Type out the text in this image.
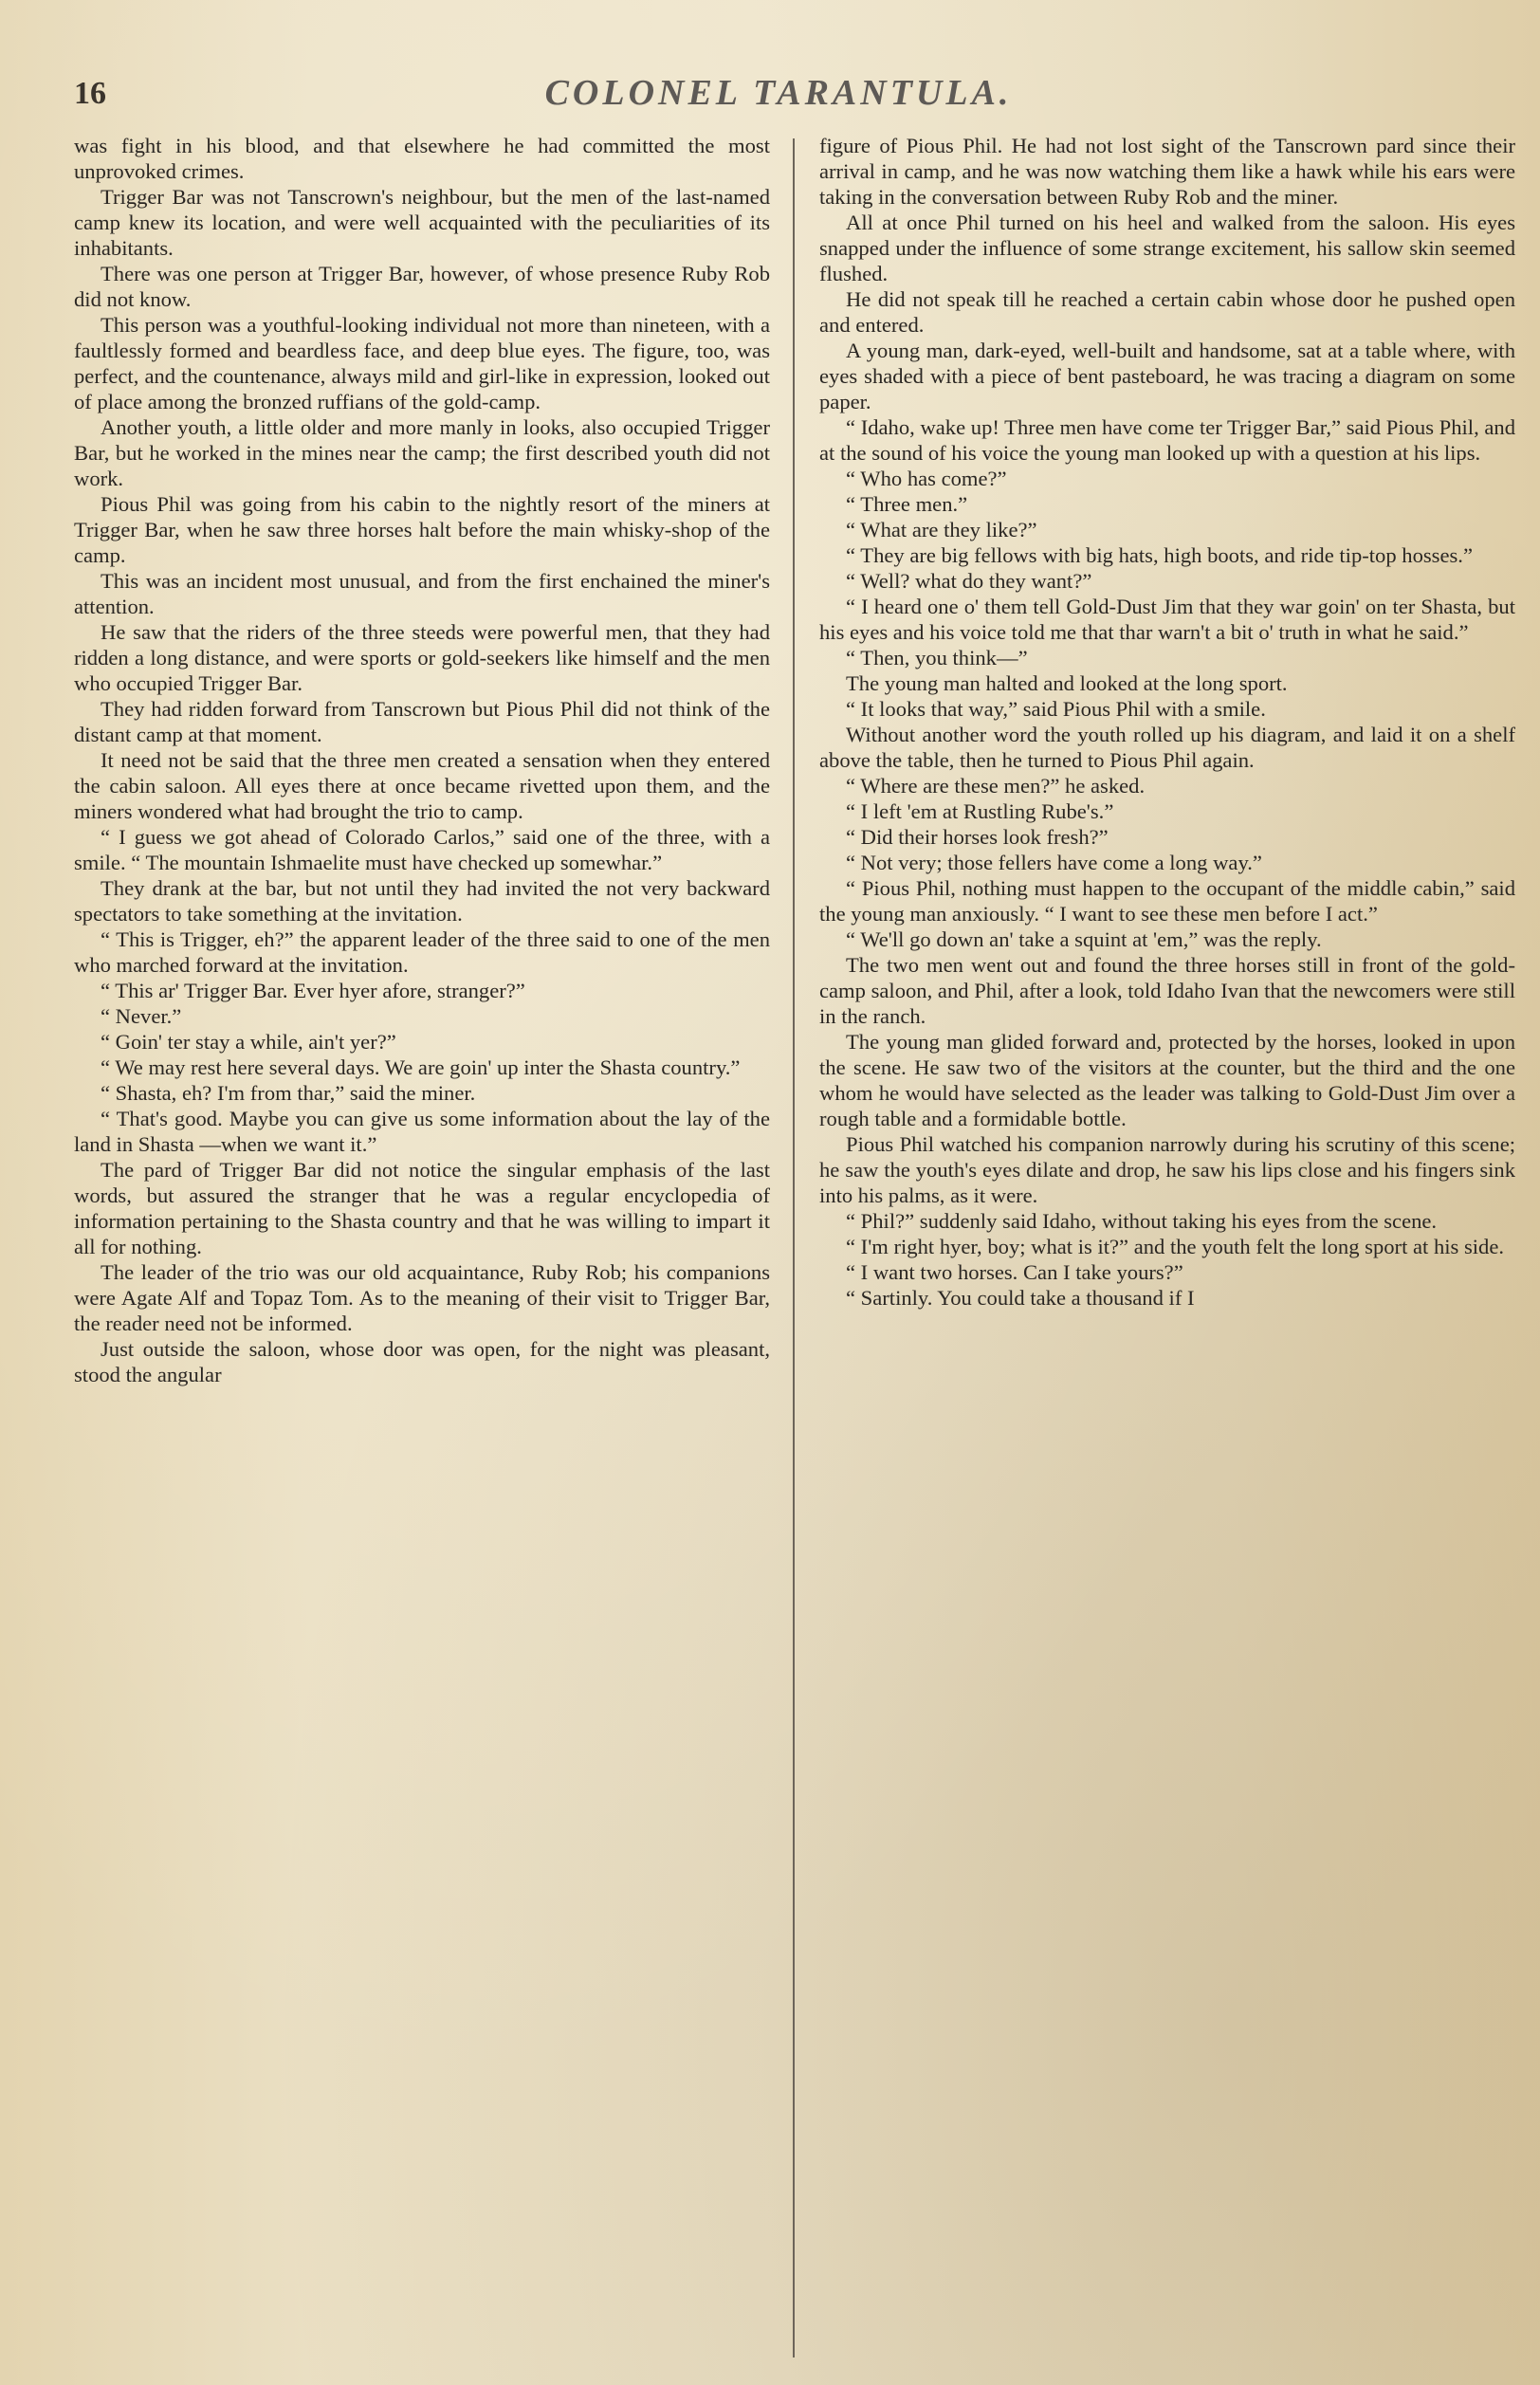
16	COLONEL TARANTULA.

was fight in his blood, and that elsewhere he had committed the most unprovoked crimes.

Trigger Bar was not Tanscrown's neighbour, but the men of the last-named camp knew its location, and were well acquainted with the peculiarities of its inhabitants.

There was one person at Trigger Bar, however, of whose presence Ruby Rob did not know.

This person was a youthful-looking individual not more than nineteen, with a faultlessly formed and beardless face, and deep blue eyes. The figure, too, was perfect, and the countenance, always mild and girl-like in expression, looked out of place among the bronzed ruffians of the gold-camp.

Another youth, a little older and more manly in looks, also occupied Trigger Bar, but he worked in the mines near the camp; the first described youth did not work.

Pious Phil was going from his cabin to the nightly resort of the miners at Trigger Bar, when he saw three horses halt before the main whisky-shop of the camp.

This was an incident most unusual, and from the first enchained the miner's attention.

He saw that the riders of the three steeds were powerful men, that they had ridden a long distance, and were sports or gold-seekers like himself and the men who occupied Trigger Bar.

They had ridden forward from Tanscrown but Pious Phil did not think of the distant camp at that moment.

It need not be said that the three men created a sensation when they entered the cabin saloon. All eyes there at once became rivetted upon them, and the miners wondered what had brought the trio to camp.

“ I guess we got ahead of Colorado Carlos,” said one of the three, with a smile. “ The mountain Ishmaelite must have checked up somewhar.”

They drank at the bar, but not until they had invited the not very backward spectators to take something at the invitation.

“ This is Trigger, eh?” the apparent leader of the three said to one of the men who marched forward at the invitation.

“ This ar' Trigger Bar. Ever hyer afore, stranger?”

“ Never.”

“ Goin' ter stay a while, ain't yer?”

“ We may rest here several days. We are goin' up inter the Shasta country.”

“ Shasta, eh? I'm from thar,” said the miner.

“ That's good. Maybe you can give us some information about the lay of the land in Shasta —when we want it.”

The pard of Trigger Bar did not notice the singular emphasis of the last words, but assured the stranger that he was a regular encyclopedia of information pertaining to the Shasta country and that he was willing to impart it all for nothing.

The leader of the trio was our old acquaintance, Ruby Rob; his companions were Agate Alf and Topaz Tom. As to the meaning of their visit to Trigger Bar, the reader need not be informed.

Just outside the saloon, whose door was open, for the night was pleasant, stood the angular

figure of Pious Phil. He had not lost sight of the Tanscrown pard since their arrival in camp, and he was now watching them like a hawk while his ears were taking in the conversation between Ruby Rob and the miner.

All at once Phil turned on his heel and walked from the saloon. His eyes snapped under the influence of some strange excitement, his sallow skin seemed flushed.

He did not speak till he reached a certain cabin whose door he pushed open and entered.

A young man, dark-eyed, well-built and handsome, sat at a table where, with eyes shaded with a piece of bent pasteboard, he was tracing a diagram on some paper.

“ Idaho, wake up! Three men have come ter Trigger Bar,” said Pious Phil, and at the sound of his voice the young man looked up with a question at his lips.

“ Who has come?”

“ Three men.”

“ What are they like?”

“ They are big fellows with big hats, high boots, and ride tip-top hosses.”

“ Well? what do they want?”

“ I heard one o' them tell Gold-Dust Jim that they war goin' on ter Shasta, but his eyes and his voice told me that thar warn't a bit o' truth in what he said.”

“ Then, you think—”

The young man halted and looked at the long sport.

“ It looks that way,” said Pious Phil with a smile.

Without another word the youth rolled up his diagram, and laid it on a shelf above the table, then he turned to Pious Phil again.

“ Where are these men?” he asked.

“ I left 'em at Rustling Rube's.”

“ Did their horses look fresh?”

“ Not very; those fellers have come a long way.”

“ Pious Phil, nothing must happen to the occupant of the middle cabin,” said the young man anxiously. “ I want to see these men before I act.”

“ We'll go down an' take a squint at 'em,” was the reply.

The two men went out and found the three horses still in front of the gold-camp saloon, and Phil, after a look, told Idaho Ivan that the newcomers were still in the ranch.

The young man glided forward and, protected by the horses, looked in upon the scene. He saw two of the visitors at the counter, but the third and the one whom he would have selected as the leader was talking to Gold-Dust Jim over a rough table and a formidable bottle.

Pious Phil watched his companion narrowly during his scrutiny of this scene; he saw the youth's eyes dilate and drop, he saw his lips close and his fingers sink into his palms, as it were.

“ Phil?” suddenly said Idaho, without taking his eyes from the scene.

“ I'm right hyer, boy; what is it?” and the youth felt the long sport at his side.

“ I want two horses. Can I take yours?”

“ Sartinly. You could take a thousand if I
